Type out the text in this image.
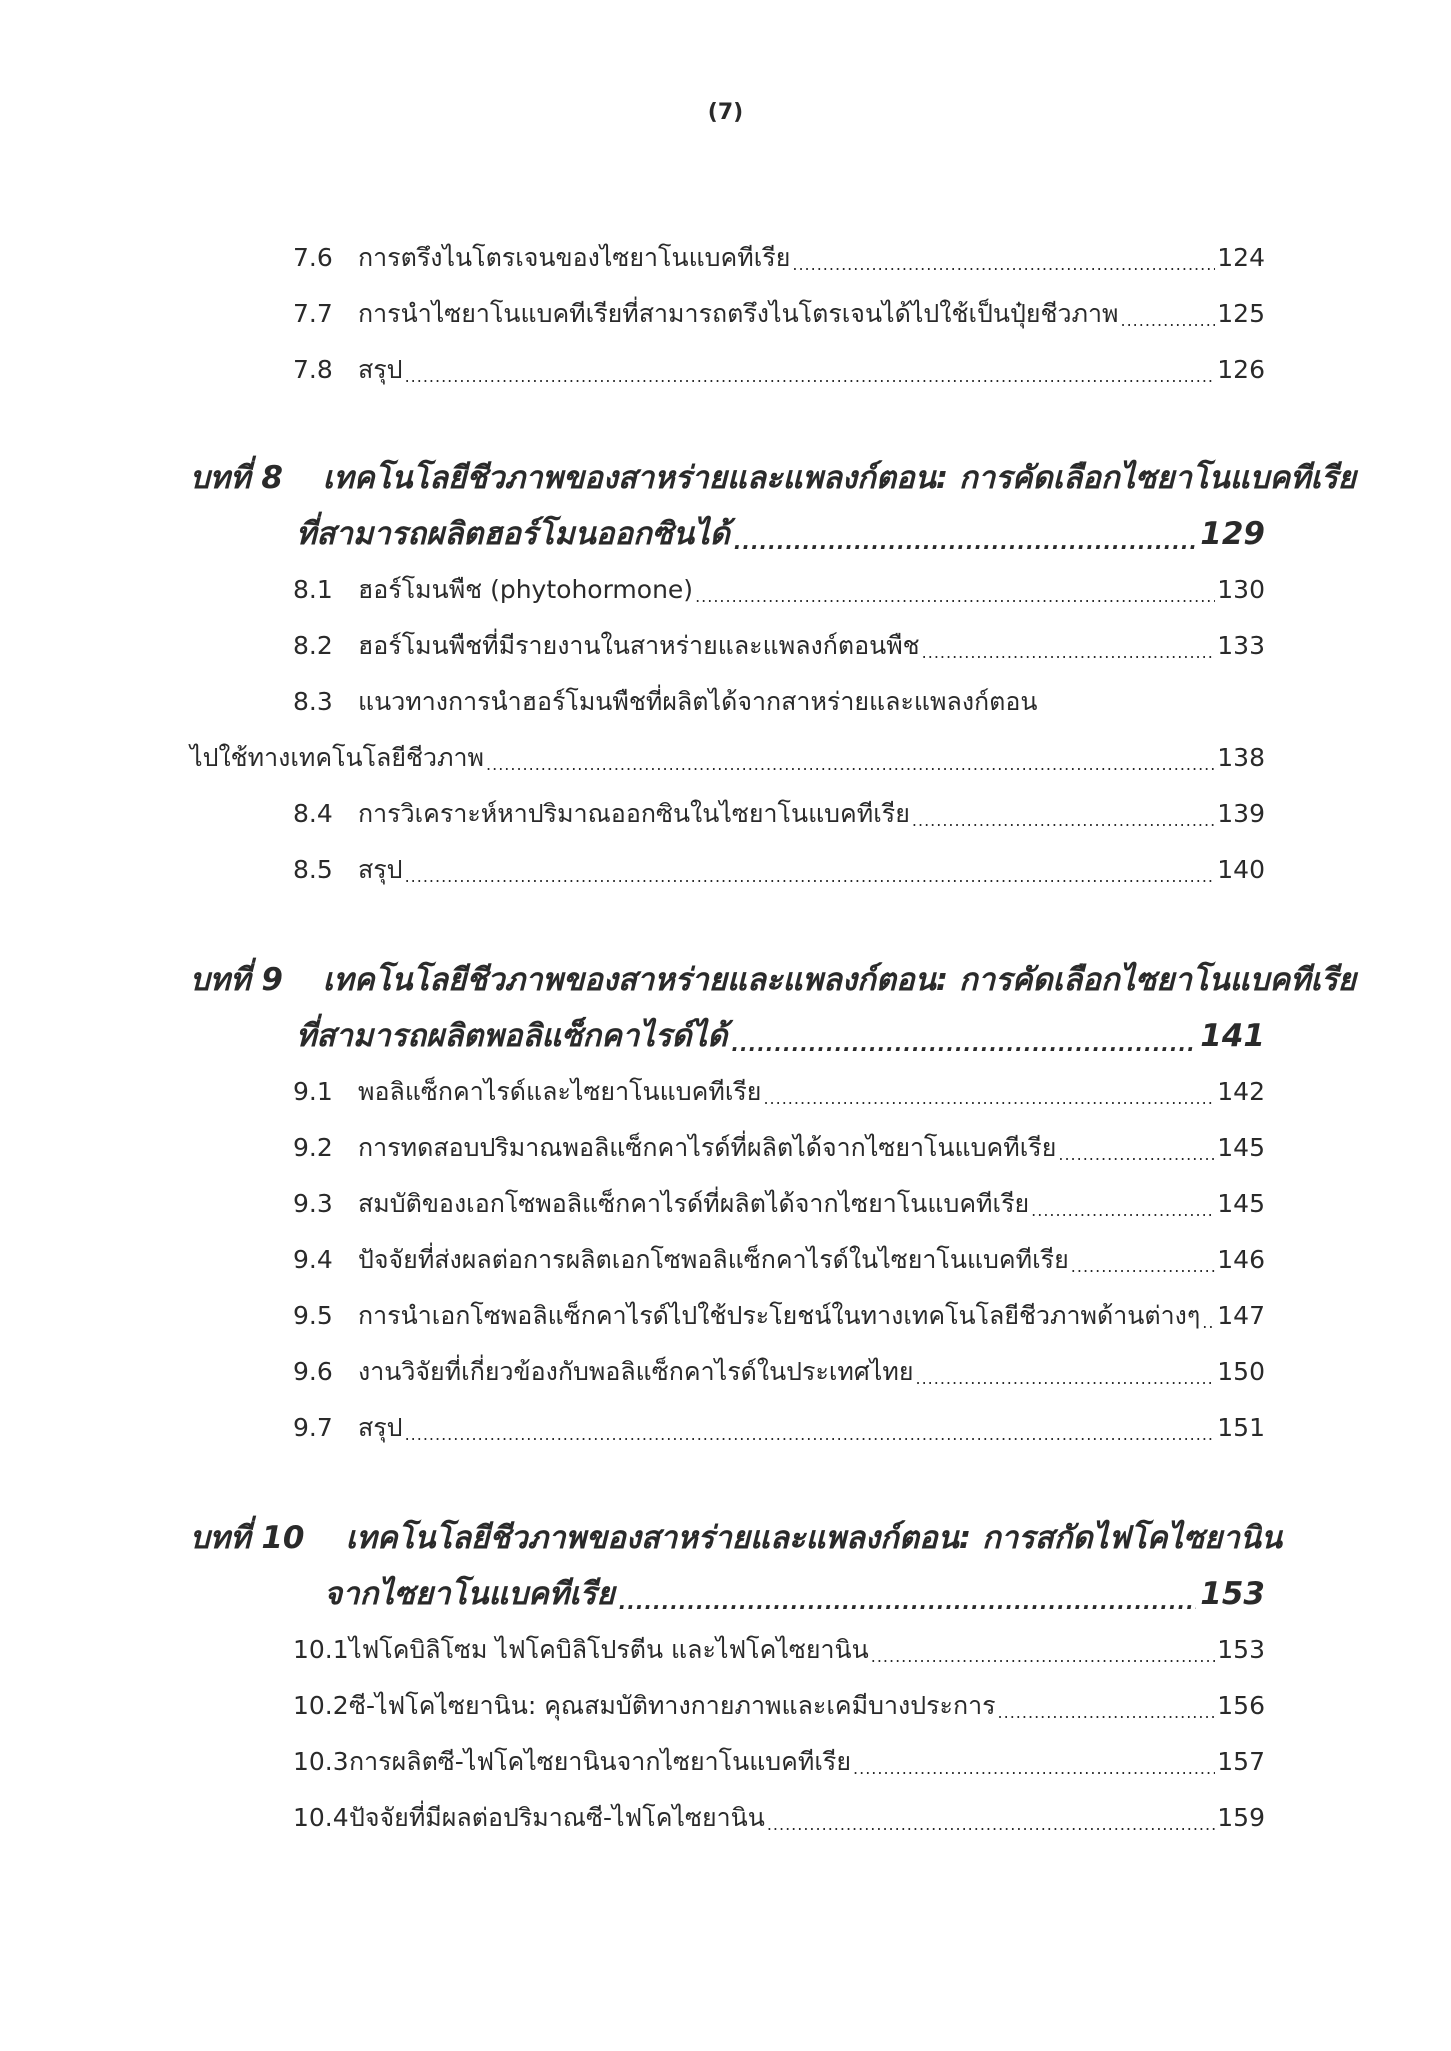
(7)
7.6	การตรึงไนโตรเจนของไซยาโนแบคทีเรีย .....	124
7.7	การนำไซยาโนแบคทีเรียที่สามารถตรึงไนโตรเจนได้ไปใช้เป็นปุ๋ยชีวภาพ .....	125
7.8	สรุป .....	126
บทที่ 8 เทคโนโลยีชีวภาพของสาหร่ายและแพลงก์ตอน: การคัดเลือกไซยาโนแบคทีเรีย
ที่สามารถผลิตฮอร์โมนออกซินได้ .....	129
8.1	ฮอร์โมนพืช (phytohormone) .....	130
8.2	ฮอร์โมนพืชที่มีรายงานในสาหร่ายและแพลงก์ตอนพืช .....	133
8.3	แนวทางการนำฮอร์โมนพืชที่ผลิตได้จากสาหร่ายและแพลงก์ตอน
ไปใช้ทางเทคโนโลยีชีวภาพ .....	138
8.4	การวิเคราะห์หาปริมาณออกซินในไซยาโนแบคทีเรีย .....	139
8.5	สรุป .....	140
บทที่ 9 เทคโนโลยีชีวภาพของสาหร่ายและแพลงก์ตอน: การคัดเลือกไซยาโนแบคทีเรีย
ที่สามารถผลิตพอลิแซ็กคาไรด์ได้ .....	141
9.1	พอลิแซ็กคาไรด์และไซยาโนแบคทีเรีย .....	142
9.2	การทดสอบปริมาณพอลิแซ็กคาไรด์ที่ผลิตได้จากไซยาโนแบคทีเรีย .....	145
9.3	สมบัติของเอกโซพอลิแซ็กคาไรด์ที่ผลิตได้จากไซยาโนแบคทีเรีย .....	145
9.4	ปัจจัยที่ส่งผลต่อการผลิตเอกโซพอลิแซ็กคาไรด์ในไซยาโนแบคทีเรีย .....	146
9.5	การนำเอกโซพอลิแซ็กคาไรด์ไปใช้ประโยชน์ในทางเทคโนโลยีชีวภาพด้านต่างๆ ..... 147
9.6	งานวิจัยที่เกี่ยวข้องกับพอลิแซ็กคาไรด์ในประเทศไทย .....	150
9.7	สรุป .....	151
บทที่ 10 เทคโนโลยีชีวภาพของสาหร่ายและแพลงก์ตอน: การสกัดไฟโคไซยานิน
จากไซยาโนแบคทีเรีย .....	153
10.1 ไฟโคบิลิโซม ไฟโคบิลิโปรตีน และไฟโคไซยานิน .....	153
10.2 ซี-ไฟโคไซยานิน: คุณสมบัติทางกายภาพและเคมีบางประการ .....	156
10.3 การผลิตซี-ไฟโคไซยานินจากไซยาโนแบคทีเรีย .....	157
10.4 ปัจจัยที่มีผลต่อปริมาณซี-ไฟโคไซยานิน .....	159
